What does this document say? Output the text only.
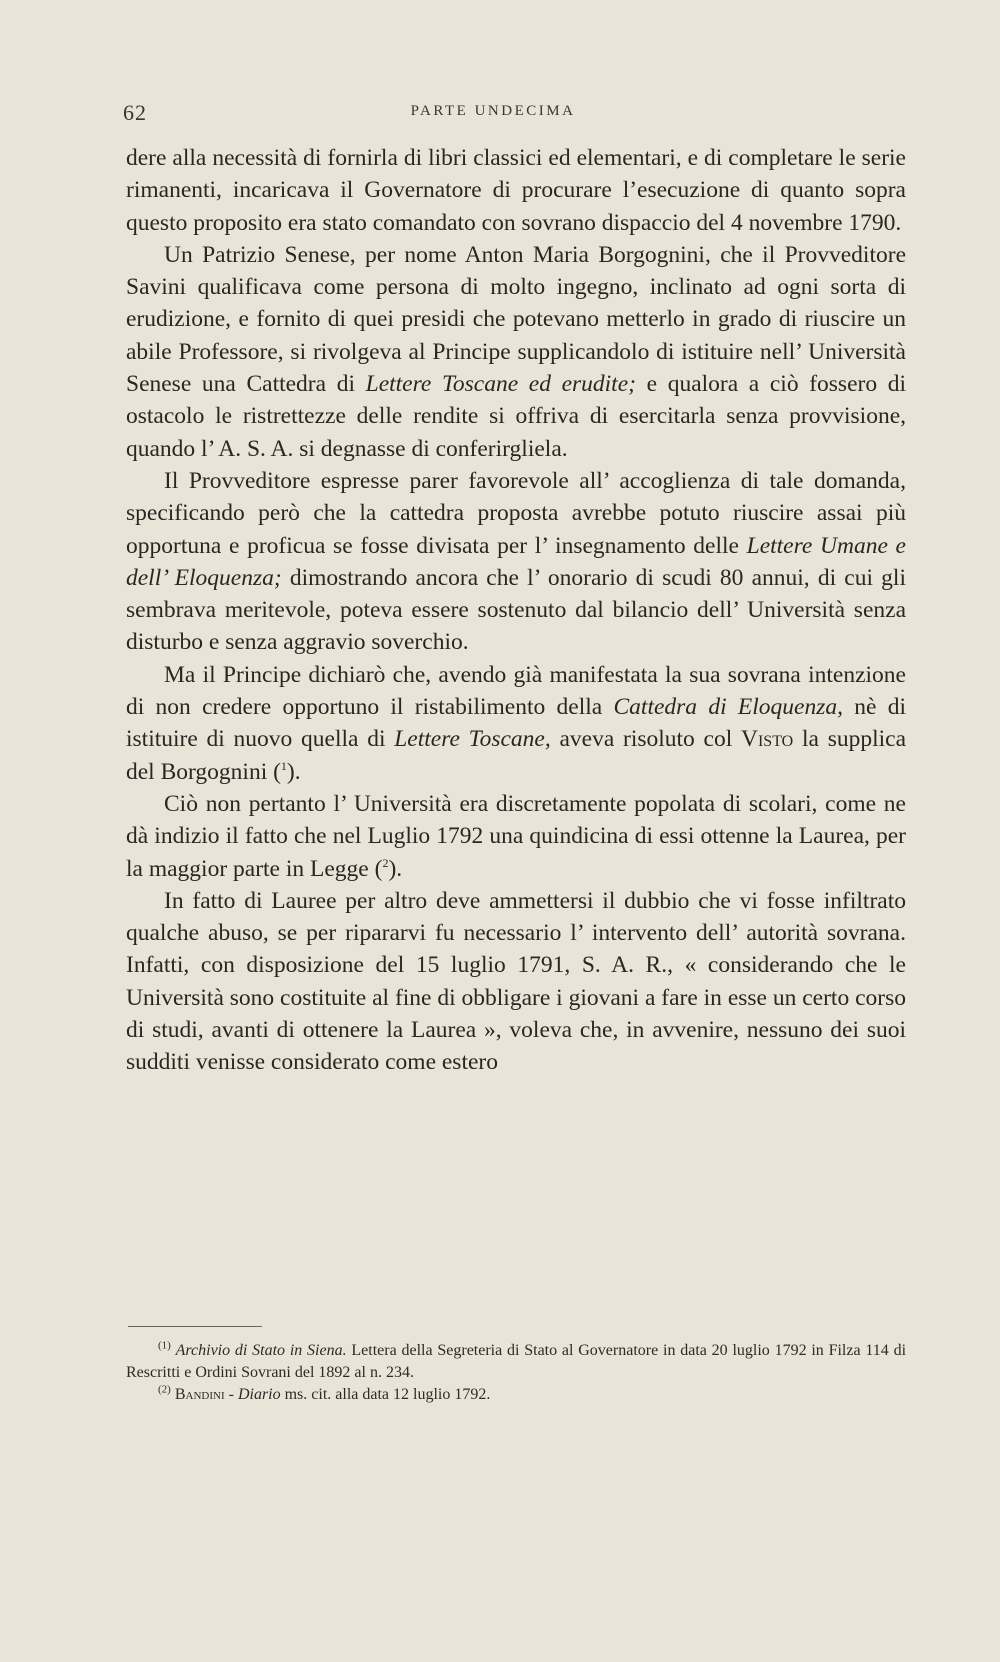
62	PARTE UNDECIMA

dere alla necessità di fornirla di libri classici ed elementari, e di completare le serie rimanenti, incaricava il Governatore di procurare l’esecuzione di quanto sopra questo proposito era stato comandato con sovrano dispaccio del 4 novembre 1790.

Un Patrizio Senese, per nome Anton Maria Borgognini, che il Provveditore Savini qualificava come persona di molto ingegno, inclinato ad ogni sorta di erudizione, e fornito di quei presidi che potevano metterlo in grado di riuscire un abile Professore, si rivolgeva al Principe supplicandolo di istituire nell’ Università Senese una Cattedra di Lettere Toscane ed erudite; e qualora a ciò fossero di ostacolo le ristrettezze delle rendite si offriva di esercitarla senza provvisione, quando l’ A. S. A. si degnasse di conferirgliela.

Il Provveditore espresse parer favorevole all’ accoglienza di tale domanda, specificando però che la cattedra proposta avrebbe potuto riuscire assai più opportuna e proficua se fosse divisata per l’ insegnamento delle Lettere Umane e dell’ Eloquenza; dimostrando ancora che l’ onorario di scudi 80 annui, di cui gli sembrava meritevole, poteva essere sostenuto dal bilancio dell’ Università senza disturbo e senza aggravio soverchio.

Ma il Principe dichiarò che, avendo già manifestata la sua sovrana intenzione di non credere opportuno il ristabilimento della Cattedra di Eloquenza, nè di istituire di nuovo quella di Lettere Toscane, aveva risoluto col Visto la supplica del Borgognini ($^1$).

Ciò non pertanto l’ Università era discretamente popolata di scolari, come ne dà indizio il fatto che nel Luglio 1792 una quindicina di essi ottenne la Laurea, per la maggior parte in Legge ($^2$).

In fatto di Lauree per altro deve ammettersi il dubbio che vi fosse infiltrato qualche abuso, se per ripararvi fu necessario l’ intervento dell’ autorità sovrana. Infatti, con disposizione del 15 luglio 1791, S. A. R., « considerando che le Università sono costituite al fine di obbligare i giovani a fare in esse un certo corso di studi, avanti di ottenere la Laurea », voleva che, in avvenire, nessuno dei suoi sudditi venisse considerato come estero

$^{(1)}$ Archivio di Stato in Siena. Lettera della Segreteria di Stato al Governatore in data 20 luglio 1792 in Filza 114 di Rescritti e Ordini Sovrani del 1892 al n. 234.

$^{(2)}$ Bandini - Diario ms. cit. alla data 12 luglio 1792.
